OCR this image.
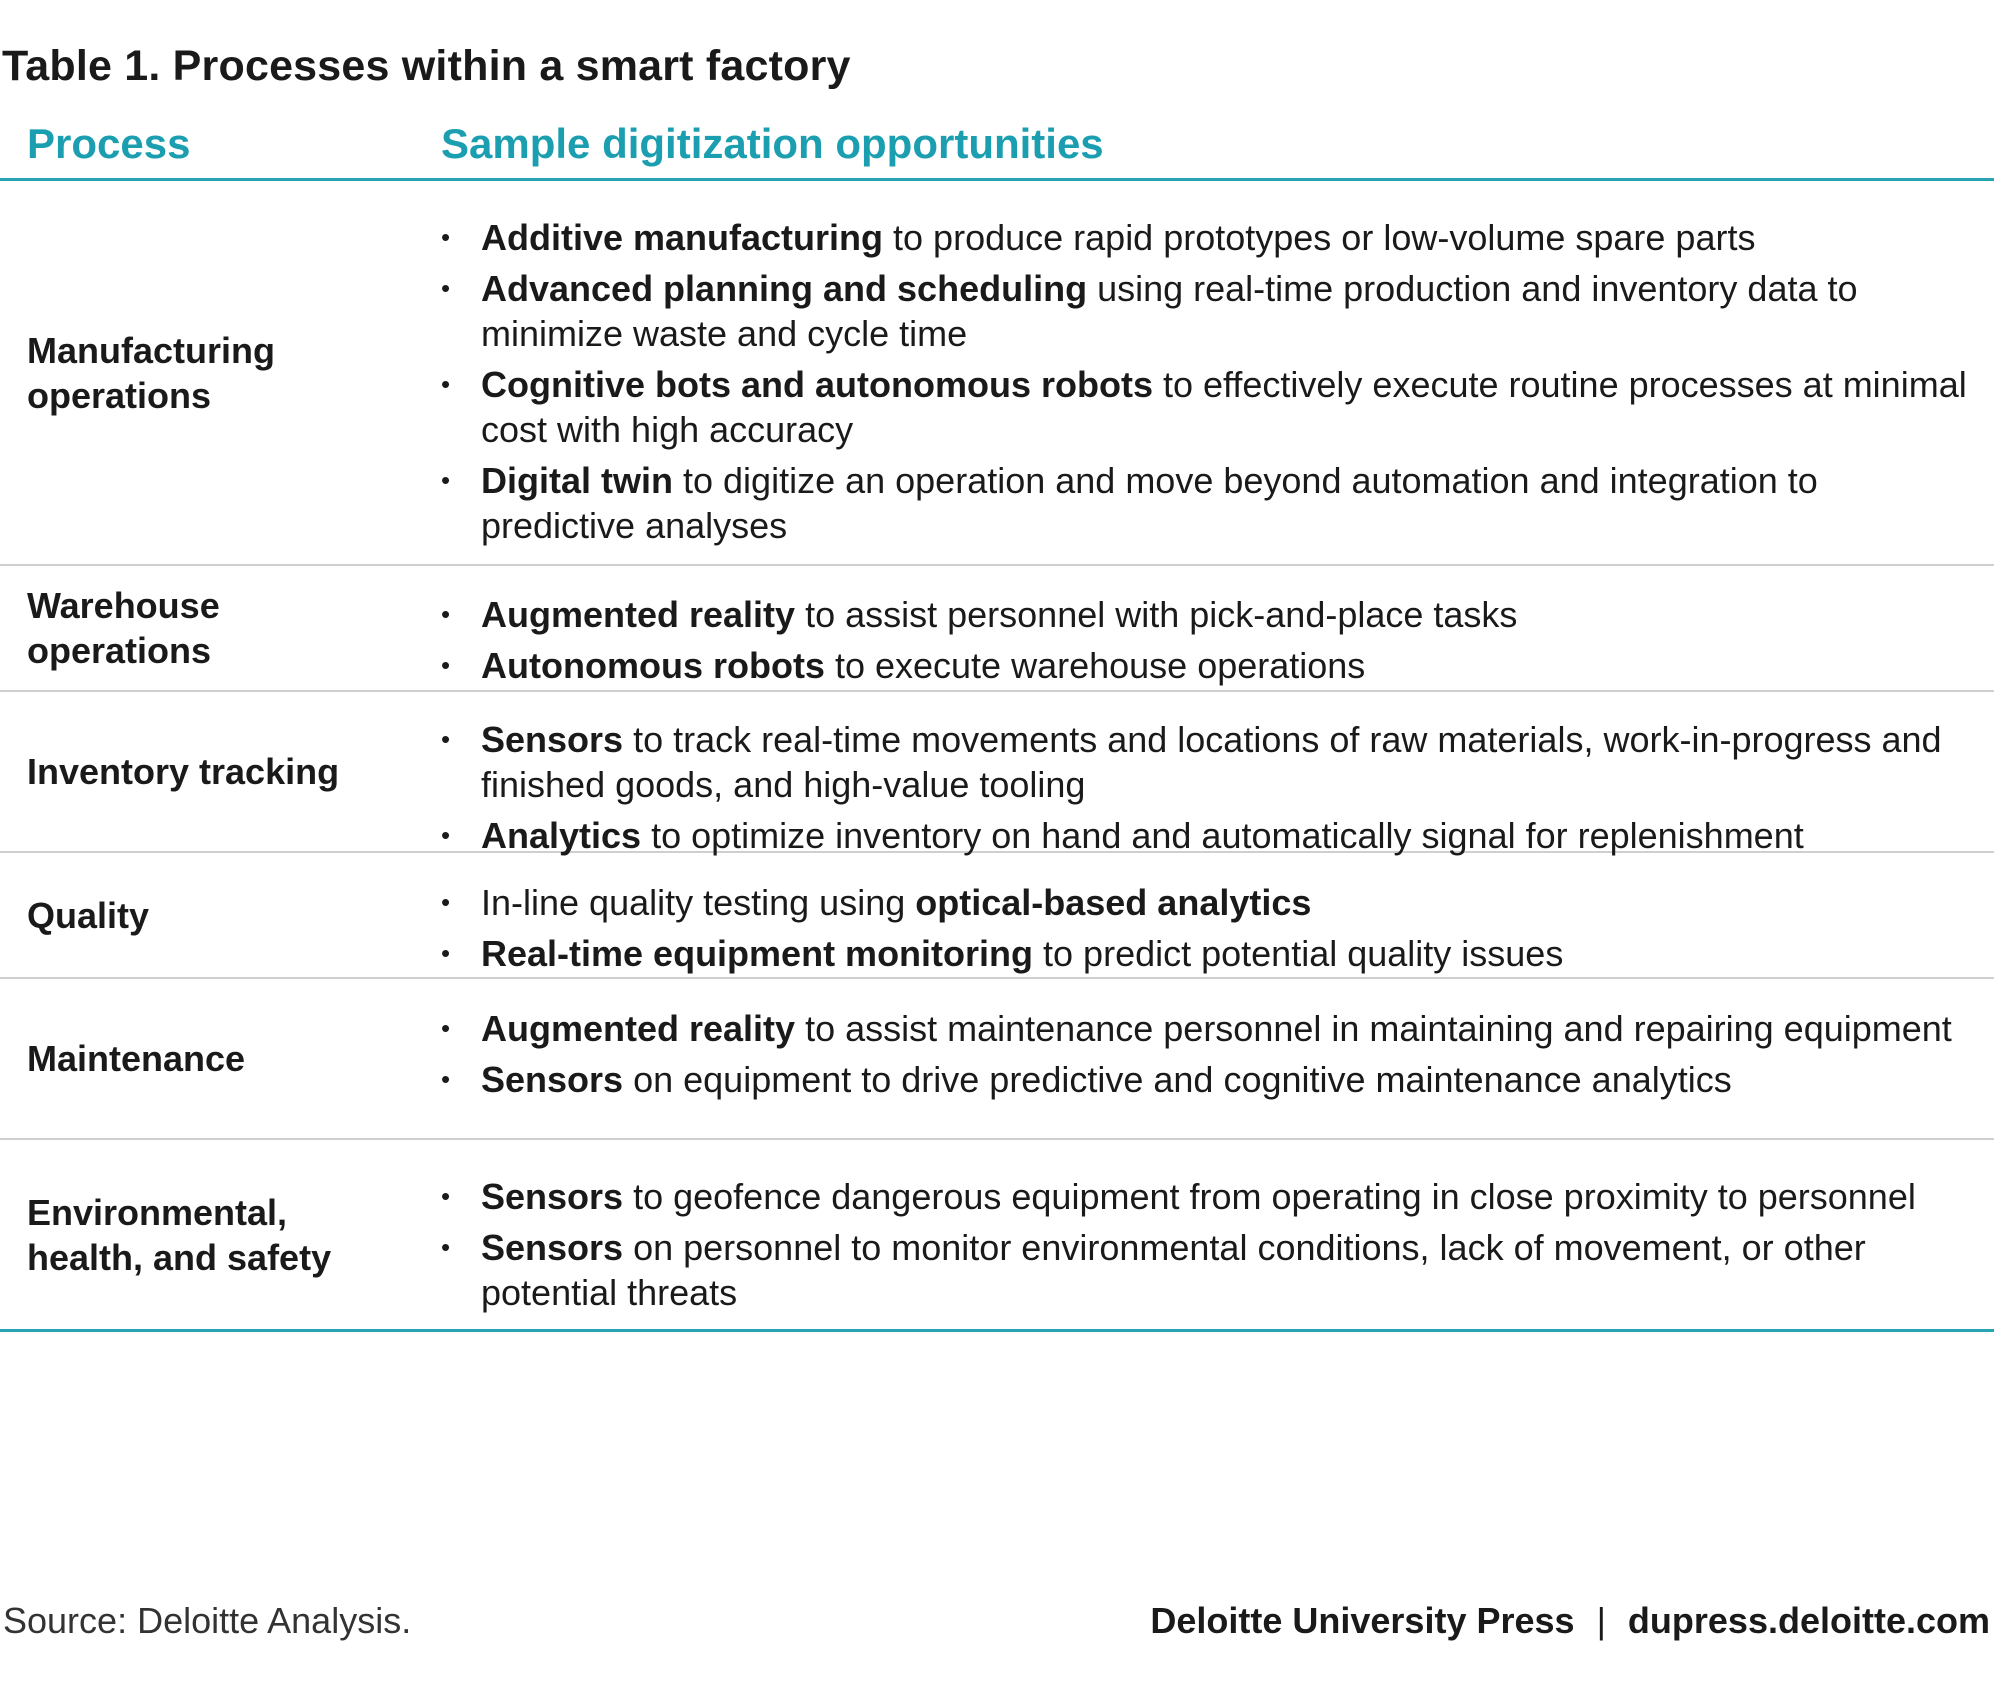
Table 1. Processes within a smart factory
Process	Sample digitization opportunities
Manufacturing operations
• Additive manufacturing to produce rapid prototypes or low-volume spare parts
• Advanced planning and scheduling using real-time production and inventory data to minimize waste and cycle time
• Cognitive bots and autonomous robots to effectively execute routine processes at minimal cost with high accuracy
• Digital twin to digitize an operation and move beyond automation and integration to predictive analyses
Warehouse operations
• Augmented reality to assist personnel with pick-and-place tasks
• Autonomous robots to execute warehouse operations
Inventory tracking
• Sensors to track real-time movements and locations of raw materials, work-in-progress and finished goods, and high-value tooling
• Analytics to optimize inventory on hand and automatically signal for replenishment
Quality	• In-line quality testing using optical-based analytics
• Real-time equipment monitoring to predict potential quality issues
Maintenance
• Augmented reality to assist maintenance personnel in maintaining and repairing equipment
• Sensors on equipment to drive predictive and cognitive maintenance analytics
Environmental, health, and safety
• Sensors to geofence dangerous equipment from operating in close proximity to personnel
• Sensors on personnel to monitor environmental conditions, lack of movement, or other potential threats
Source: Deloitte Analysis.	Deloitte University Press | dupress.deloitte.com
